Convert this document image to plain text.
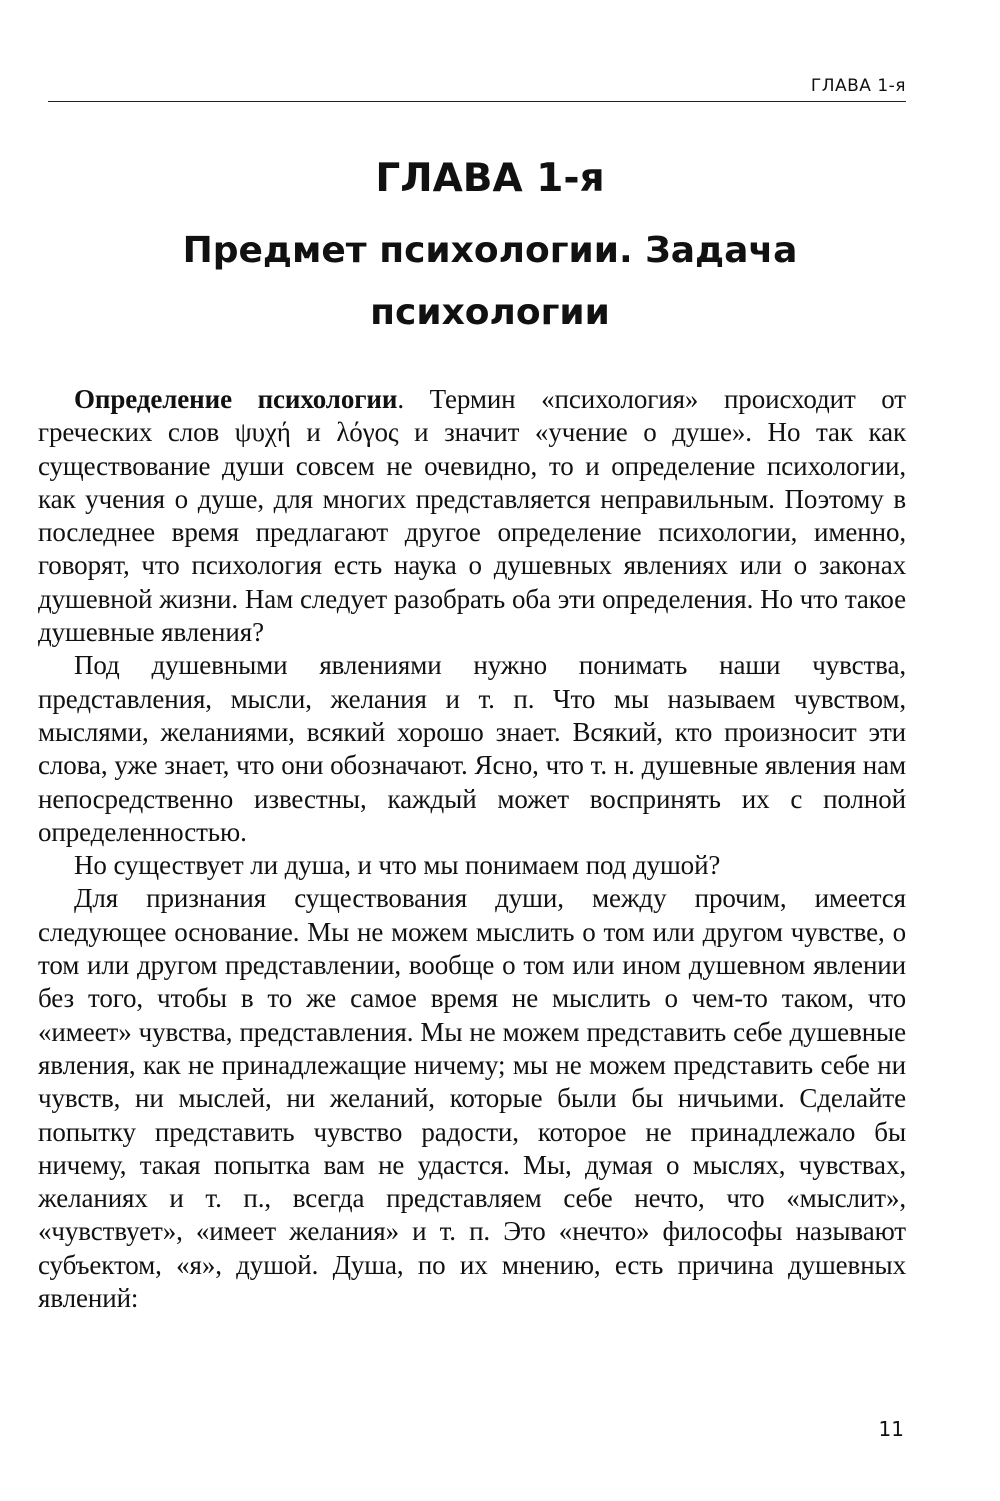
ГЛАВА 1-я
ГЛАВА 1-я
Предмет психологии. Задача психологии

Определение психологии. Термин «психология» происходит от греческих слов ψυχή и λόγος и значит «учение о душе». Но так как существование души совсем не очевидно, то и определение психологии, как учения о душе, для многих представляется неправильным. Поэтому в последнее время предлагают другое определение психологии, именно, говорят, что психология есть наука о душевных явлениях или о законах душевной жизни. Нам следует разобрать оба эти определения. Но что такое душевные явления?

Под душевными явлениями нужно понимать наши чувства, представления, мысли, желания и т. п. Что мы называем чувством, мыслями, желаниями, всякий хорошо знает. Всякий, кто произносит эти слова, уже знает, что они обозначают. Ясно, что т. н. душевные явления нам непосредственно известны, каждый может воспринять их с полной определенностью.

Но существует ли душа, и что мы понимаем под душой?

Для признания существования души, между прочим, имеется следующее основание. Мы не можем мыслить о том или другом чувстве, о том или другом представлении, вообще о том или ином душевном явлении без того, чтобы в то же самое время не мыслить о чем-то таком, что «имеет» чувства, представления. Мы не можем представить себе душевные явления, как не принадлежащие ничему; мы не можем представить себе ни чувств, ни мыслей, ни желаний, которые были бы ничьими. Сделайте попытку представить чувство радости, которое не принадлежало бы ничему, такая попытка вам не удастся. Мы, думая о мыслях, чувствах, желаниях и т. п., всегда представляем себе нечто, что «мыслит», «чувствует», «имеет желания» и т. п. Это «нечто» философы называют субъектом, «я», душой. Душа, по их мнению, есть причина душевных явлений:

11
